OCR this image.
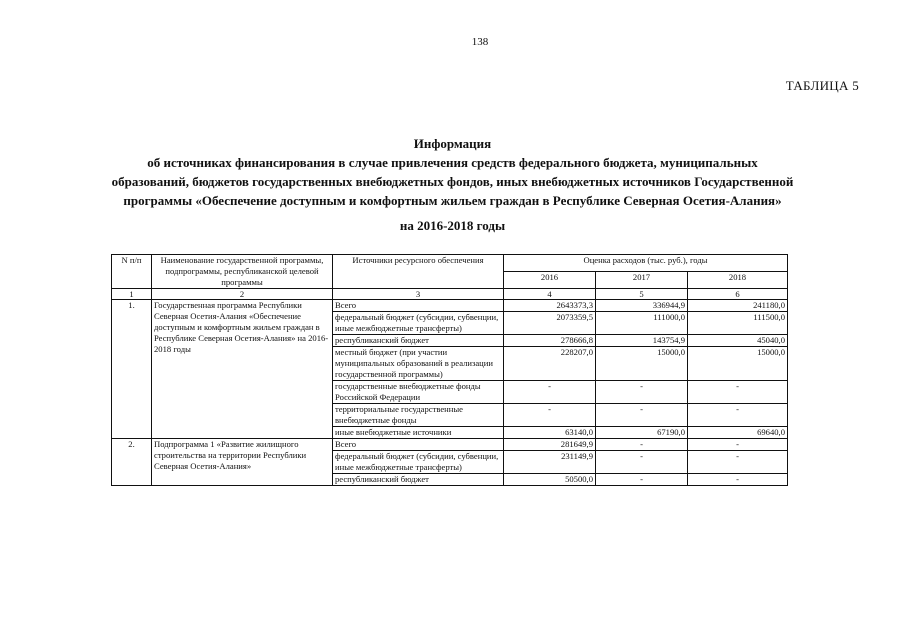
138
ТАБЛИЦА 5
Информация
об источниках финансирования в случае привлечения средств федерального бюджета, муниципальных
образований, бюджетов государственных внебюджетных фондов, иных внебюджетных источников Государственной
программы «Обеспечение доступным и комфортным жильем граждан в Республике Северная Осетия-Алания»
на 2016-2018 годы
N п/п	Наименование государственной программы, подпрограммы, республиканской целевой программы	Источники ресурсного обеспечения	Оценка расходов (тыс. руб.), годы		
			2016	2017	2018
1	2	3	4	5	6
1.	Государственная программа Республики Северная Осетия-Алания «Обеспечение доступным и комфортным жильем граждан в Республике Северная Осетия-Алания» на 2016-2018 годы	Всего	2643373,3	336944,9	241180,0
		федеральный бюджет (субсидии, субвенции, иные межбюджетные трансферты)	2073359,5	111000,0	111500,0
		республиканский бюджет	278666,8	143754,9	45040,0
		местный бюджет (при участии муниципальных образований в реализации государственной программы)	228207,0	15000,0	15000,0
		государственные внебюджетные фонды Российской Федерации	-	-	-
		территориальные государственные внебюджетные фонды	-	-	-
		иные внебюджетные источники	63140,0	67190,0	69640,0
2.	Подпрограмма 1 «Развитие жилищного строительства на территории Республики Северная Осетия-Алания»	Всего	281649,9	-	-
		федеральный бюджет (субсидии, субвенции, иные межбюджетные трансферты)	231149,9	-	-
		республиканский бюджет	50500,0	-	-
